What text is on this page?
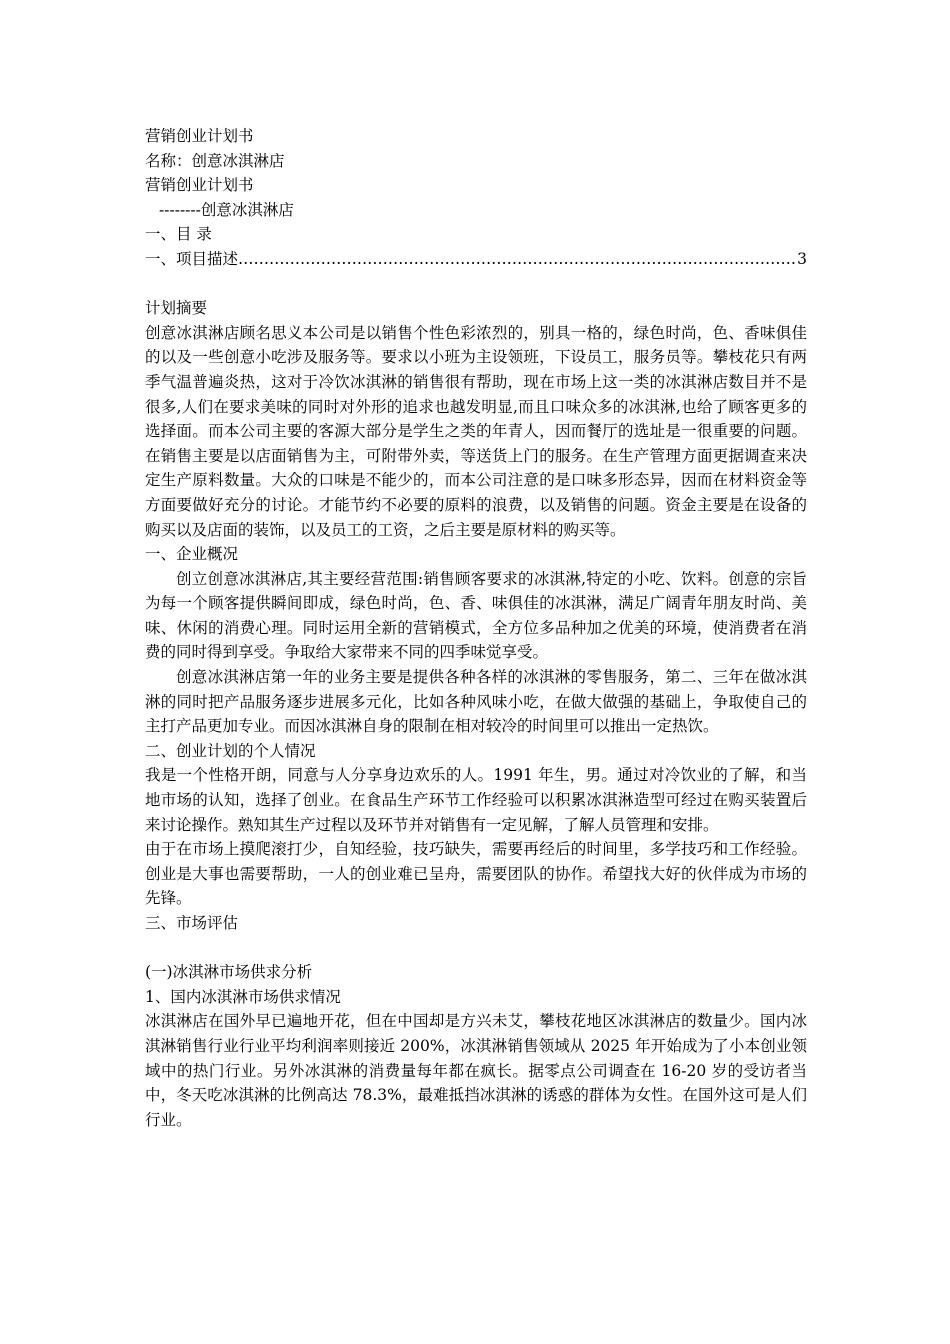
营销创业计划书

名称：创意冰淇淋店

营销创业计划书

--------创意冰淇淋店

一、目 录

一、项目描述 ……………………………………………………………………………………………… 3

计划摘要

创意冰淇淋店顾名思义本公司是以销售个性色彩浓烈的，别具一格的，绿色时尚，色、香味俱佳的以及一些创意小吃涉及服务等。要求以小班为主设领班，下设员工，服务员等。攀枝花只有两季气温普遍炎热，这对于冷饮冰淇淋的销售很有帮助，现在市场上这一类的冰淇淋店数目并不是很多,人们在要求美味的同时对外形的追求也越发明显,而且口味众多的冰淇淋,也给了顾客更多的选择面。而本公司主要的客源大部分是学生之类的年青人，因而餐厅的选址是一很重要的问题。在销售主要是以店面销售为主，可附带外卖，等送货上门的服务。在生产管理方面更据调查来决定生产原料数量。大众的口味是不能少的，而本公司注意的是口味多形态异，因而在材料资金等方面要做好充分的讨论。才能节约不必要的原料的浪费，以及销售的问题。资金主要是在设备的购买以及店面的装饰，以及员工的工资，之后主要是原材料的购买等。

一、企业概况

创立创意冰淇淋店,其主要经营范围:销售顾客要求的冰淇淋,特定的小吃、饮料。创意的宗旨为每一个顾客提供瞬间即成，绿色时尚，色、香、味俱佳的冰淇淋，满足广阔青年朋友时尚、美味、休闲的消费心理。同时运用全新的营销模式，全方位多品种加之优美的环境，使消费者在消费的同时得到享受。争取给大家带来不同的四季味觉享受。

创意冰淇淋店第一年的业务主要是提供各种各样的冰淇淋的零售服务，第二、三年在做冰淇淋的同时把产品服务逐步进展多元化，比如各种风味小吃，在做大做强的基础上，争取使自己的主打产品更加专业。而因冰淇淋自身的限制在相对较冷的时间里可以推出一定热饮。

二、创业计划的个人情况

我是一个性格开朗，同意与人分享身边欢乐的人。1991 年生，男。通过对冷饮业的了解，和当地市场的认知，选择了创业。在食品生产环节工作经验可以积累冰淇淋造型可经过在购买装置后来讨论操作。熟知其生产过程以及环节并对销售有一定见解，了解人员管理和安排。

由于在市场上摸爬滚打少，自知经验，技巧缺失，需要再经后的时间里，多学技巧和工作经验。创业是大事也需要帮助，一人的创业难已呈舟，需要团队的协作。希望找大好的伙伴成为市场的先锋。

三、市场评估

(一)冰淇淋市场供求分析

1、国内冰淇淋市场供求情况

冰淇淋店在国外早已遍地开花，但在中国却是方兴未艾，攀枝花地区冰淇淋店的数量少。国内冰淇淋销售行业行业平均利润率则接近 200%，冰淇淋销售领域从 2025 年开始成为了小本创业领域中的热门行业。另外冰淇淋的消费量每年都在疯长。据零点公司调查在 16-20 岁的受访者当中，冬天吃冰淇淋的比例高达 78.3%，最难抵挡冰淇淋的诱惑的群体为女性。在国外这可是人们行业。
